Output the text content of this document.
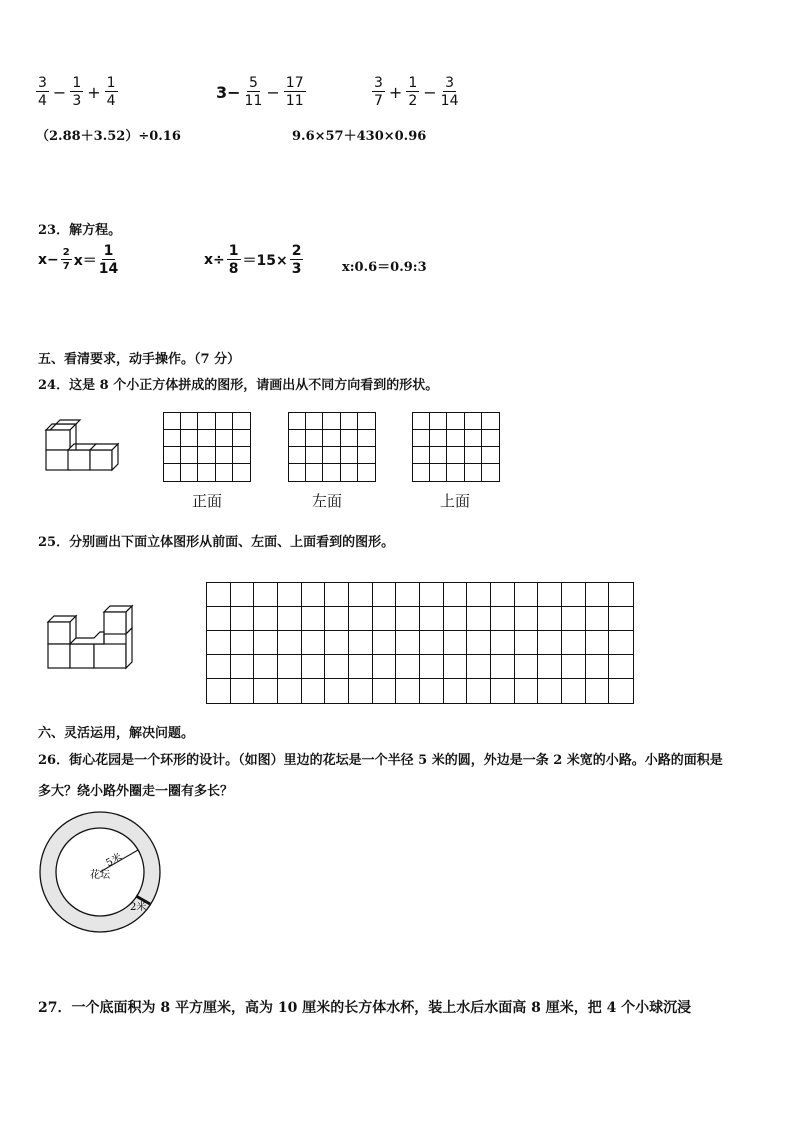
$\frac{3}{4} - \frac{1}{3} + \frac{1}{4}$	$3- \frac{5}{11} - \frac{17}{11}$	$\frac{3}{7} + \frac{1}{2} - \frac{3}{14}$
（2.88＋3.52）÷0.16	9.6×57＋430×0.96
23．解方程。
$x- \frac{2}{7} x= \frac{1}{14}$	$x\div \frac{1}{8} =15\times \frac{2}{3}$	x:0.6＝0.9:3
五、看清要求，动手操作。（7 分）
24．这是 8 个小正方体拼成的图形，请画出从不同方向看到的形状。
正面	左面	上面
25．分别画出下面立体图形从前面、左面、上面看到的图形。
六、灵活运用，解决问题。
26．街心花园是一个环形的设计。（如图）里边的花坛是一个半径 5 米的圆，外边是一条 2 米宽的小路。小路的面积是
多大？绕小路外圈走一圈有多长？
5米
花坛
2米
27．一个底面积为 8 平方厘米，高为 10 厘米的长方体水杯，装上水后水面高 8 厘米，把 4 个小球沉浸
